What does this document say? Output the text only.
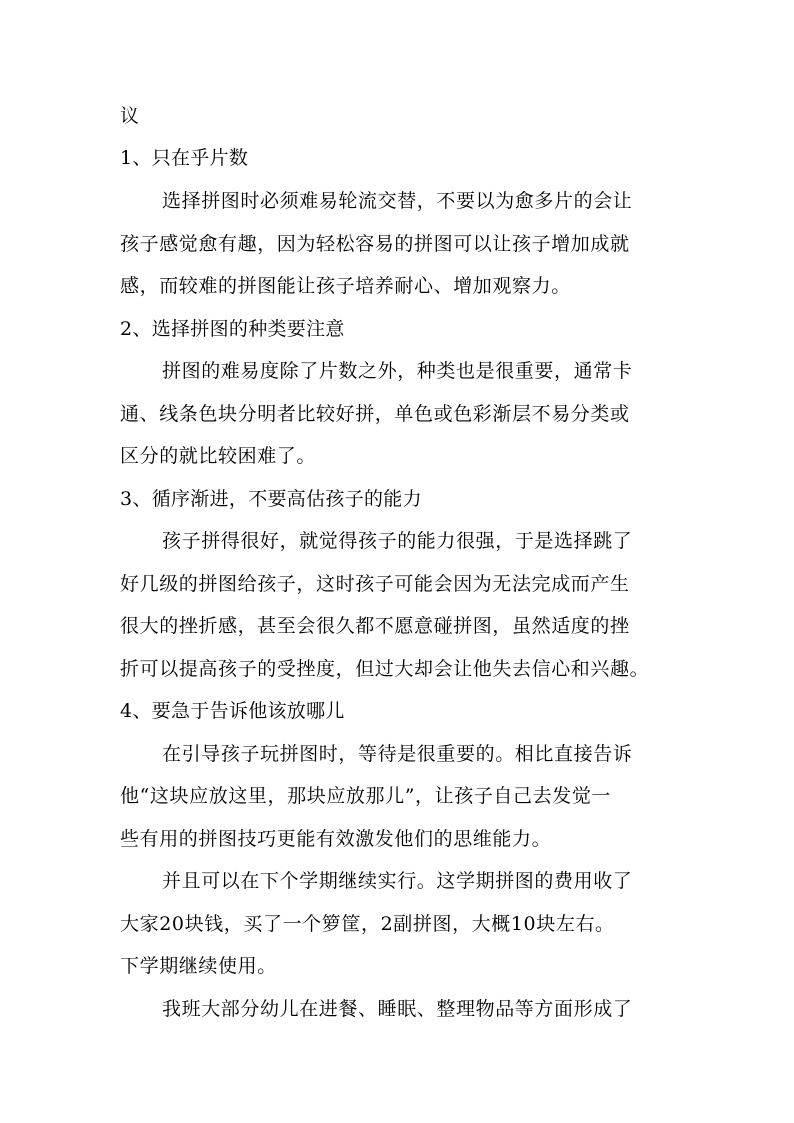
议
1、只在乎片数
选择拼图时必须难易轮流交替，不要以为愈多片的会让
孩子感觉愈有趣，因为轻松容易的拼图可以让孩子增加成就
感，而较难的拼图能让孩子培养耐心、增加观察力。
2、选择拼图的种类要注意
拼图的难易度除了片数之外，种类也是很重要，通常卡
通、线条色块分明者比较好拼，单色或色彩渐层不易分类或
区分的就比较困难了。
3、循序渐进，不要高估孩子的能力
孩子拼得很好，就觉得孩子的能力很强，于是选择跳了
好几级的拼图给孩子，这时孩子可能会因为无法完成而产生
很大的挫折感，甚至会很久都不愿意碰拼图，虽然适度的挫
折可以提高孩子的受挫度，但过大却会让他失去信心和兴趣。
4、要急于告诉他该放哪儿
在引导孩子玩拼图时，等待是很重要的。相比直接告诉
他“这块应放这里，那块应放那儿”，让孩子自己去发觉一
些有用的拼图技巧更能有效激发他们的思维能力。
并且可以在下个学期继续实行。这学期拼图的费用收了
大家20块钱，买了一个箩筐，2副拼图，大概10块左右。
下学期继续使用。
我班大部分幼儿在进餐、睡眠、整理物品等方面形成了
